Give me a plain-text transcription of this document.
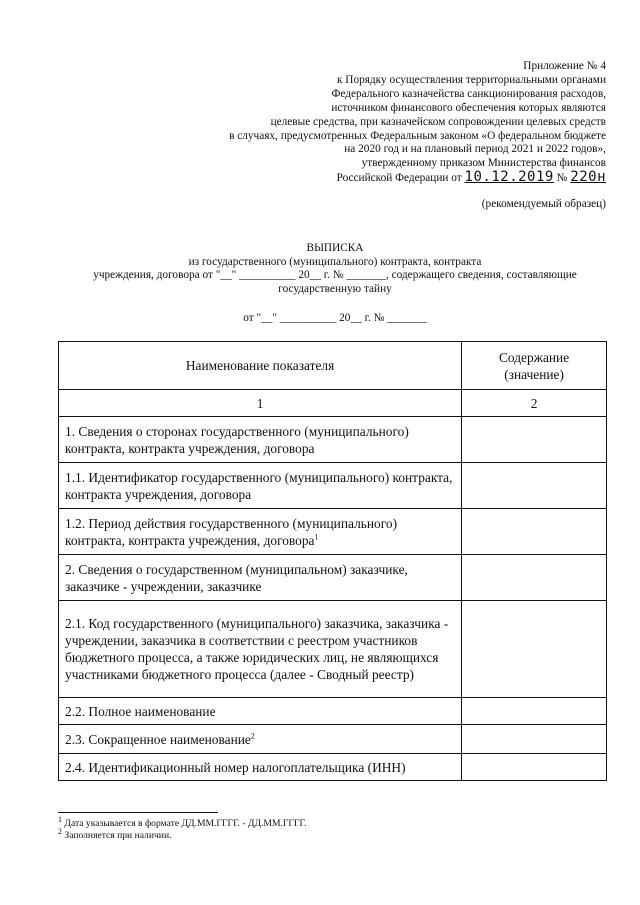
Приложение № 4
к Порядку осуществления территориальными органами
Федерального казначейства санкционирования расходов,
источником финансового обеспечения которых являются
целевые средства, при казначейском сопровождении целевых средств
в случаях, предусмотренных Федеральным законом «О федеральном бюджете
на 2020 год и на плановый период 2021 и 2022 годов»,
утвержденному приказом Министерства финансов
Российской Федерации от 10.12.2019 № 220н
(рекомендуемый образец)
ВЫПИСКА
из государственного (муниципального) контракта, контракта
учреждения, договора от "__" __________ 20__ г. № _______, содержащего сведения, составляющие
государственную тайну
от "__" __________ 20__ г. № _______
Наименование показателя	Содержание (значение)
1	2
1. Сведения о сторонах государственного (муниципального) контракта, контракта учреждения, договора	
1.1. Идентификатор государственного (муниципального) контракта, контракта учреждения, договора	
1.2. Период действия государственного (муниципального) контракта, контракта учреждения, договора$^1$	
2. Сведения о государственном (муниципальном) заказчике, заказчике - учреждении, заказчике	
2.1. Код государственного (муниципального) заказчика, заказчика - учреждении, заказчика в соответствии с реестром участников бюджетного процесса, а также юридических лиц, не являющихся участниками бюджетного процесса (далее - Сводный реестр)	
2.2. Полное наименование	
2.3. Сокращенное наименование$^2$	
2.4. Идентификационный номер налогоплательщика (ИНН)	
$^1$ Дата указывается в формате ДД.ММ.ГГГГ. - ДД.ММ.ГГГГ.
$^2$ Заполняется при наличии.
